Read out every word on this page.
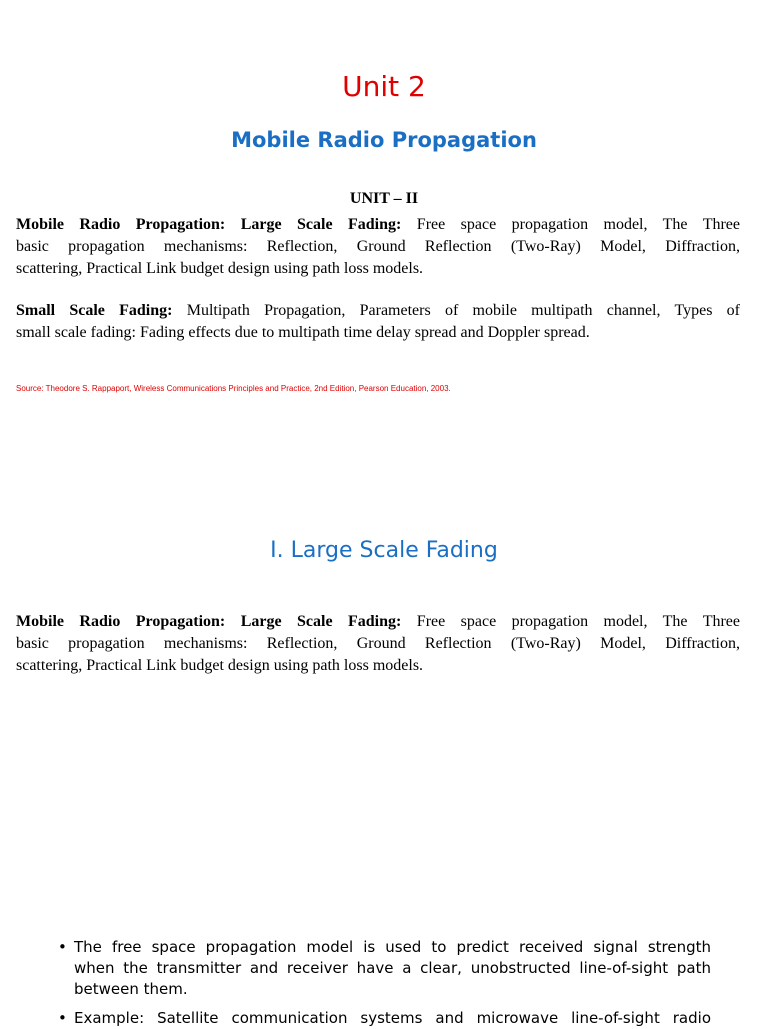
Unit 2
Mobile Radio Propagation
UNIT – II
Mobile Radio Propagation: Large Scale Fading: Free space propagation model, The Three
basic propagation mechanisms: Reflection, Ground Reflection (Two-Ray) Model, Diffraction,
scattering, Practical Link budget design using path loss models.
Small Scale Fading: Multipath Propagation, Parameters of mobile multipath channel, Types of
small scale fading: Fading effects due to multipath time delay spread and Doppler spread.
Source: Theodore S. Rappaport, Wireless Communications Principles and Practice, 2nd Edition, Pearson Education, 2003.
I. Large Scale Fading
Mobile Radio Propagation: Large Scale Fading: Free space propagation model, The Three
basic propagation mechanisms: Reflection, Ground Reflection (Two-Ray) Model, Diffraction,
scattering, Practical Link budget design using path loss models.
• The free space propagation model is used to predict received signal strength
when the transmitter and receiver have a clear, unobstructed line-of-sight path
between them.
• Example: Satellite communication systems and microwave line-of-sight radio
